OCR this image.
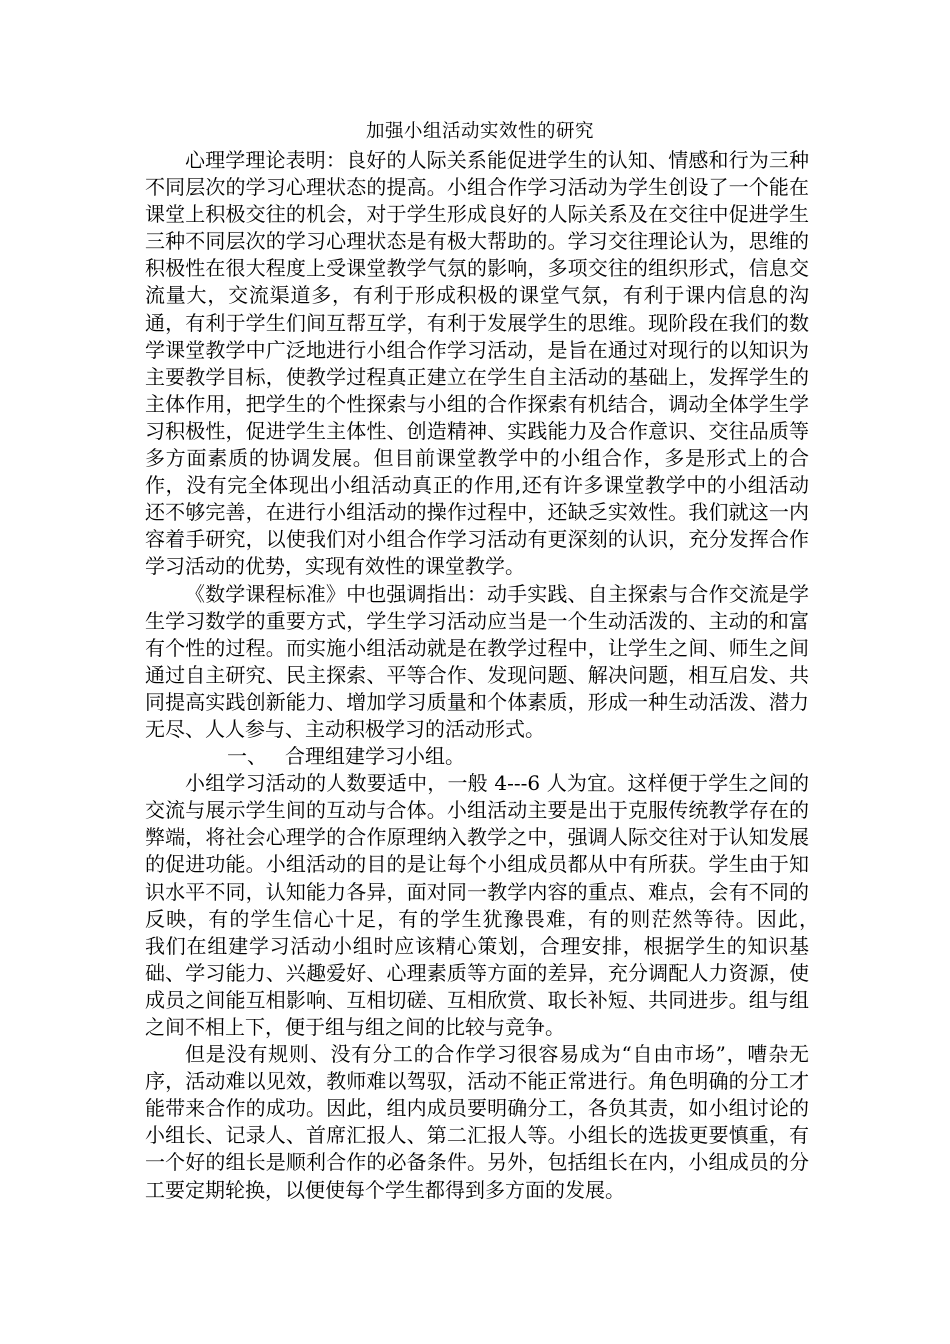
加强小组活动实效性的研究

心理学理论表明：良好的人际关系能促进学生的认知、情感和行为三种不同层次的学习心理状态的提高。小组合作学习活动为学生创设了一个能在课堂上积极交往的机会，对于学生形成良好的人际关系及在交往中促进学生三种不同层次的学习心理状态是有极大帮助的。学习交往理论认为，思维的积极性在很大程度上受课堂教学气氛的影响，多项交往的组织形式，信息交流量大，交流渠道多，有利于形成积极的课堂气氛，有利于课内信息的沟通，有利于学生们间互帮互学，有利于发展学生的思维。现阶段在我们的数学课堂教学中广泛地进行小组合作学习活动，是旨在通过对现行的以知识为主要教学目标，使教学过程真正建立在学生自主活动的基础上，发挥学生的主体作用，把学生的个性探索与小组的合作探索有机结合，调动全体学生学习积极性，促进学生主体性、创造精神、实践能力及合作意识、交往品质等多方面素质的协调发展。但目前课堂教学中的小组合作，多是形式上的合作，没有完全体现出小组活动真正的作用,还有许多课堂教学中的小组活动还不够完善，在进行小组活动的操作过程中，还缺乏实效性。我们就这一内容着手研究，以使我们对小组合作学习活动有更深刻的认识，充分发挥合作学习活动的优势，实现有效性的课堂教学。

《数学课程标准》中也强调指出：动手实践、自主探索与合作交流是学生学习数学的重要方式，学生学习活动应当是一个生动活泼的、主动的和富有个性的过程。而实施小组活动就是在教学过程中，让学生之间、师生之间通过自主研究、民主探索、平等合作、发现问题、解决问题，相互启发、共同提高实践创新能力、增加学习质量和个体素质，形成一种生动活泼、潜力无尽、人人参与、主动积极学习的活动形式。

一、 合理组建学习小组。

小组学习活动的人数要适中，一般 4---6 人为宜。这样便于学生之间的交流与展示学生间的互动与合体。小组活动主要是出于克服传统教学存在的弊端，将社会心理学的合作原理纳入教学之中，强调人际交往对于认知发展的促进功能。小组活动的目的是让每个小组成员都从中有所获。学生由于知识水平不同，认知能力各异，面对同一教学内容的重点、难点，会有不同的反映，有的学生信心十足，有的学生犹豫畏难，有的则茫然等待。因此，　我们在组建学习活动小组时应该精心策划，合理安排，根据学生的知识基础、学习能力、兴趣爱好、心理素质等方面的差异，充分调配人力资源，使成员之间能互相影响、互相切磋、互相欣赏、取长补短、共同进步。组与组之间不相上下，便于组与组之间的比较与竞争。

但是没有规则、没有分工的合作学习很容易成为“自由市场”，嘈杂无序，活动难以见效，教师难以驾驭，活动不能正常进行。角色明确的分工才能带来合作的成功。因此，组内成员要明确分工，各负其责，如小组讨论的小组长、记录人、首席汇报人、第二汇报人等。小组长的选拔更要慎重，有一个好的组长是顺利合作的必备条件。另外，包括组长在内，小组成员的分工要定期轮换，以便使每个学生都得到多方面的发展。
